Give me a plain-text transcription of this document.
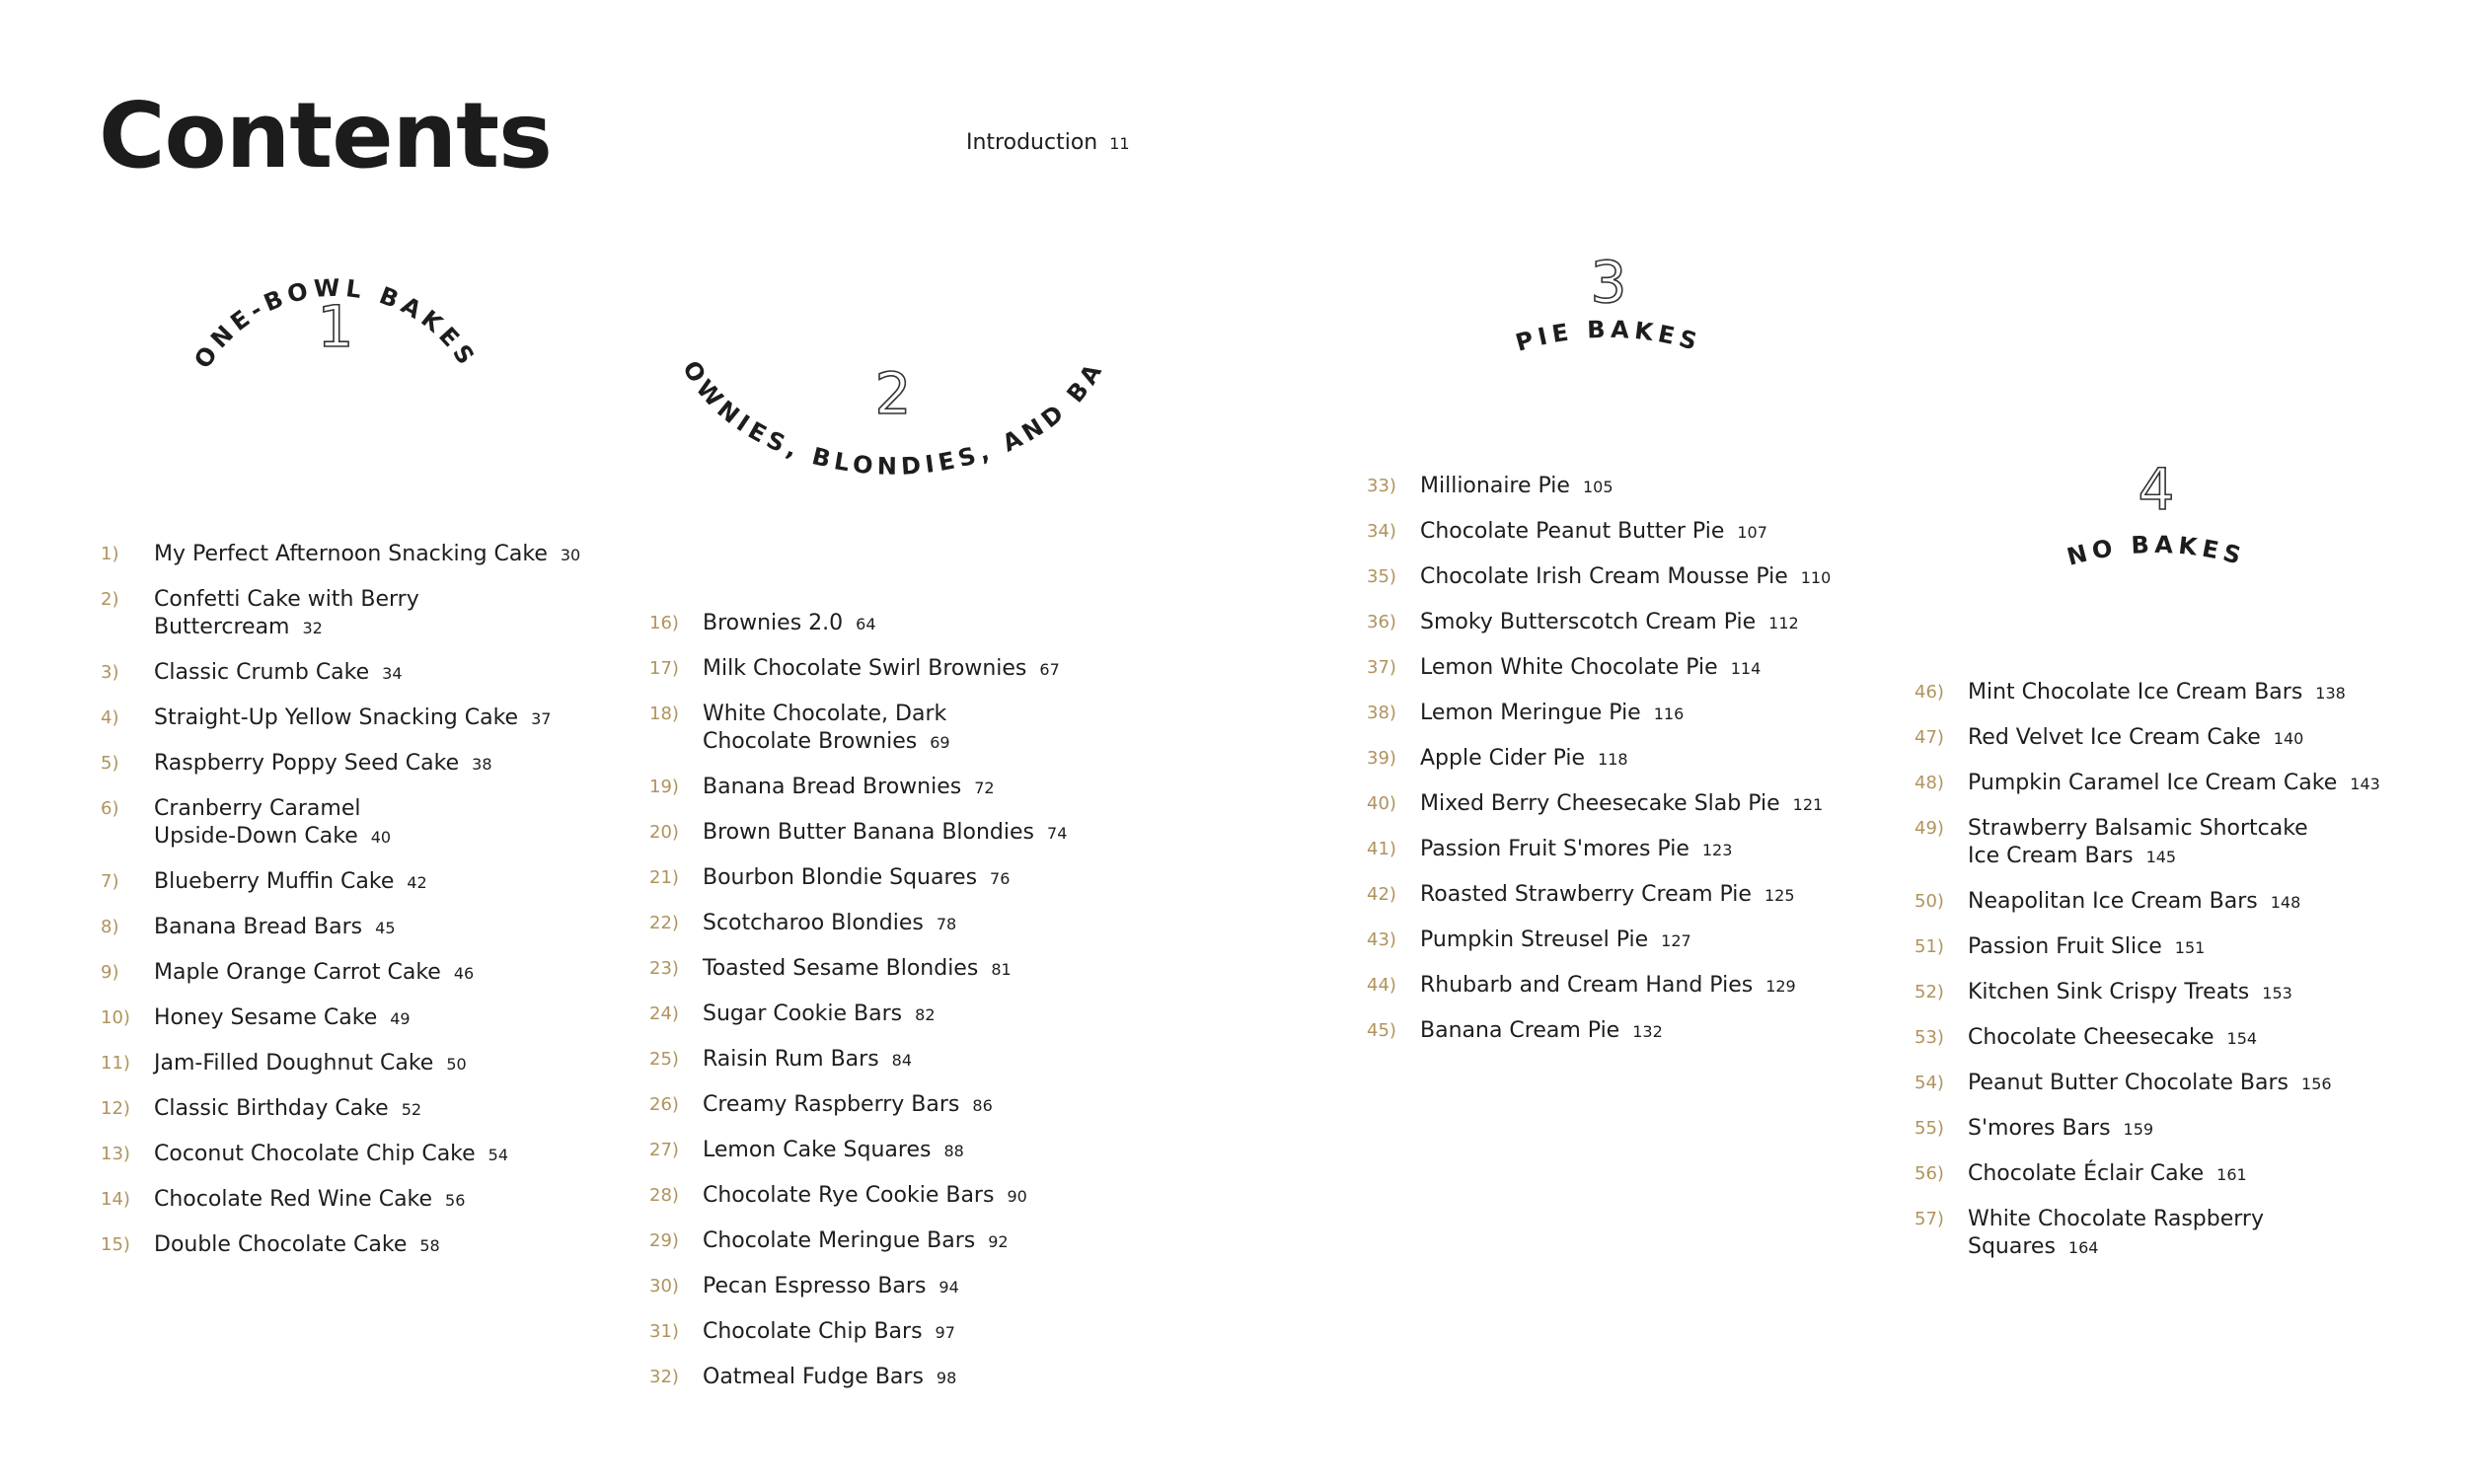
Contents	Introduction 11
1
ONE-BOWL BAKES
2
BROWNIES, BLONDIES, AND BARS
3
PIE BAKES
4
NO BAKES
1) My Perfect Afternoon Snacking Cake 30
2) Confetti Cake with Berry Buttercream 32
3) Classic Crumb Cake 34
4) Straight-Up Yellow Snacking Cake 37
5) Raspberry Poppy Seed Cake 38
6) Cranberry Caramel
Upside-Down Cake 40
7) Blueberry Muffin Cake 42
8) Banana Bread Bars 45
9) Maple Orange Carrot Cake 46
10) Honey Sesame Cake 49
11) Jam-Filled Doughnut Cake 50
12) Classic Birthday Cake 52
13) Coconut Chocolate Chip Cake 54
14) Chocolate Red Wine Cake 56
15) Double Chocolate Cake 58
16) Brownies 2.0 64
17) Milk Chocolate Swirl Brownies 67
18) White Chocolate, Dark
Chocolate Brownies 69
19) Banana Bread Brownies 72
20) Brown Butter Banana Blondies 74
21) Bourbon Blondie Squares 76
22) Scotcharoo Blondies 78
23) Toasted Sesame Blondies 81
24) Sugar Cookie Bars 82
25) Raisin Rum Bars 84
26) Creamy Raspberry Bars 86
27) Lemon Cake Squares 88
28) Chocolate Rye Cookie Bars 90
29) Chocolate Meringue Bars 92
30) Pecan Espresso Bars 94
31) Chocolate Chip Bars 97
32) Oatmeal Fudge Bars 98
33) Millionaire Pie 105
34) Chocolate Peanut Butter Pie 107
35) Chocolate Irish Cream Mousse Pie 110
36) Smoky Butterscotch Cream Pie 112
37) Lemon White Chocolate Pie 114
38) Lemon Meringue Pie 116
39) Apple Cider Pie 118
40) Mixed Berry Cheesecake Slab Pie 121
41) Passion Fruit S'mores Pie 123
42) Roasted Strawberry Cream Pie 125
43) Pumpkin Streusel Pie 127
44) Rhubarb and Cream Hand Pies 129
45) Banana Cream Pie 132
46) Mint Chocolate Ice Cream Bars 138
47) Red Velvet Ice Cream Cake 140
48) Pumpkin Caramel Ice Cream Cake 143
49) Strawberry Balsamic Shortcake
Ice Cream Bars 145
50) Neapolitan Ice Cream Bars 148
51) Passion Fruit Slice 151
52) Kitchen Sink Crispy Treats 153
53) Chocolate Cheesecake 154
54) Peanut Butter Chocolate Bars 156
55) S'mores Bars 159
56) Chocolate Éclair Cake 161
57) White Chocolate Raspberry
Squares 164
